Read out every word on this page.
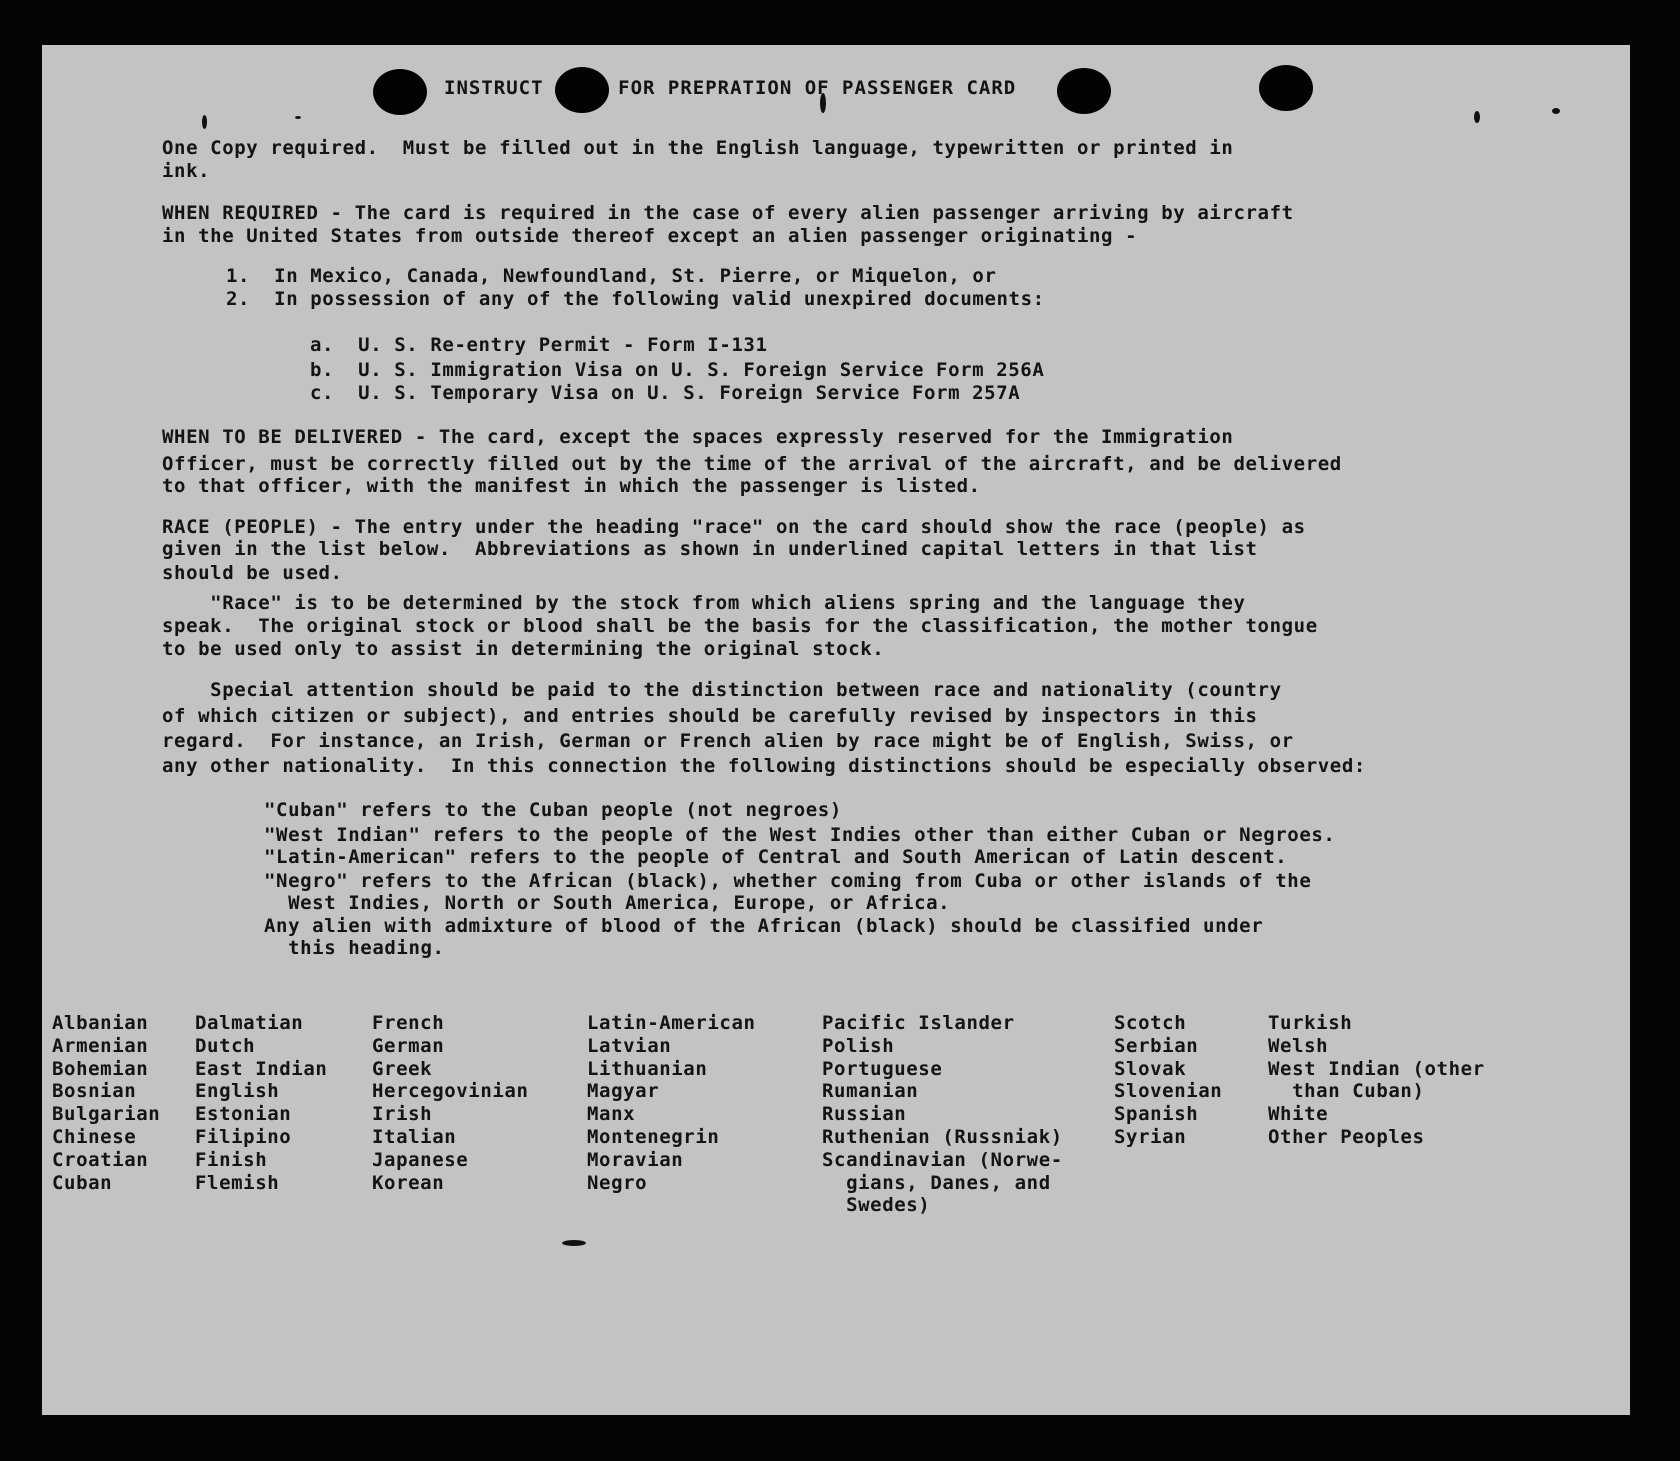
INSTRUCT	FOR PREPRATION OF PASSENGER CARD
One Copy required.  Must be filled out in the English language, typewritten or printed in
ink.
WHEN REQUIRED - The card is required in the case of every alien passenger arriving by aircraft
in the United States from outside thereof except an alien passenger originating -
1.  In Mexico, Canada, Newfoundland, St. Pierre, or Miquelon, or
2.  In possession of any of the following valid unexpired documents:
a.  U. S. Re-entry Permit - Form I-131
b.  U. S. Immigration Visa on U. S. Foreign Service Form 256A
c.  U. S. Temporary Visa on U. S. Foreign Service Form 257A
WHEN TO BE DELIVERED - The card, except the spaces expressly reserved for the Immigration
Officer, must be correctly filled out by the time of the arrival of the aircraft, and be delivered
to that officer, with the manifest in which the passenger is listed.
RACE (PEOPLE) - The entry under the heading "race" on the card should show the race (people) as
given in the list below.  Abbreviations as shown in underlined capital letters in that list
should be used.
"Race" is to be determined by the stock from which aliens spring and the language they
speak.  The original stock or blood shall be the basis for the classification, the mother tongue
to be used only to assist in determining the original stock.
Special attention should be paid to the distinction between race and nationality (country
of which citizen or subject), and entries should be carefully revised by inspectors in this
regard.  For instance, an Irish, German or French alien by race might be of English, Swiss, or
any other nationality.  In this connection the following distinctions should be especially observed:
"Cuban" refers to the Cuban people (not negroes)
"West Indian" refers to the people of the West Indies other than either Cuban or Negroes.
"Latin-American" refers to the people of Central and South American of Latin descent.
"Negro" refers to the African (black), whether coming from Cuba or other islands of the
West Indies, North or South America, Europe, or Africa.
Any alien with admixture of blood of the African (black) should be classified under
this heading.
Albanian
Armenian
Bohemian
Bosnian
Bulgarian
Chinese
Croatian
Cuban
Dalmatian
Dutch
East Indian
English
Estonian
Filipino
Finish
Flemish
French
German
Greek
Hercegovinian
Irish
Italian
Japanese
Korean
Latin-American
Latvian
Lithuanian
Magyar
Manx
Montenegrin
Moravian
Negro
Pacific Islander
Polish
Portuguese
Rumanian
Russian
Ruthenian (Russniak)
Scandinavian (Norwe-
gians, Danes, and
Swedes)
Scotch
Serbian
Slovak
Slovenian
Spanish
Syrian
Turkish
Welsh
West Indian (other
than Cuban)
White
Other Peoples
